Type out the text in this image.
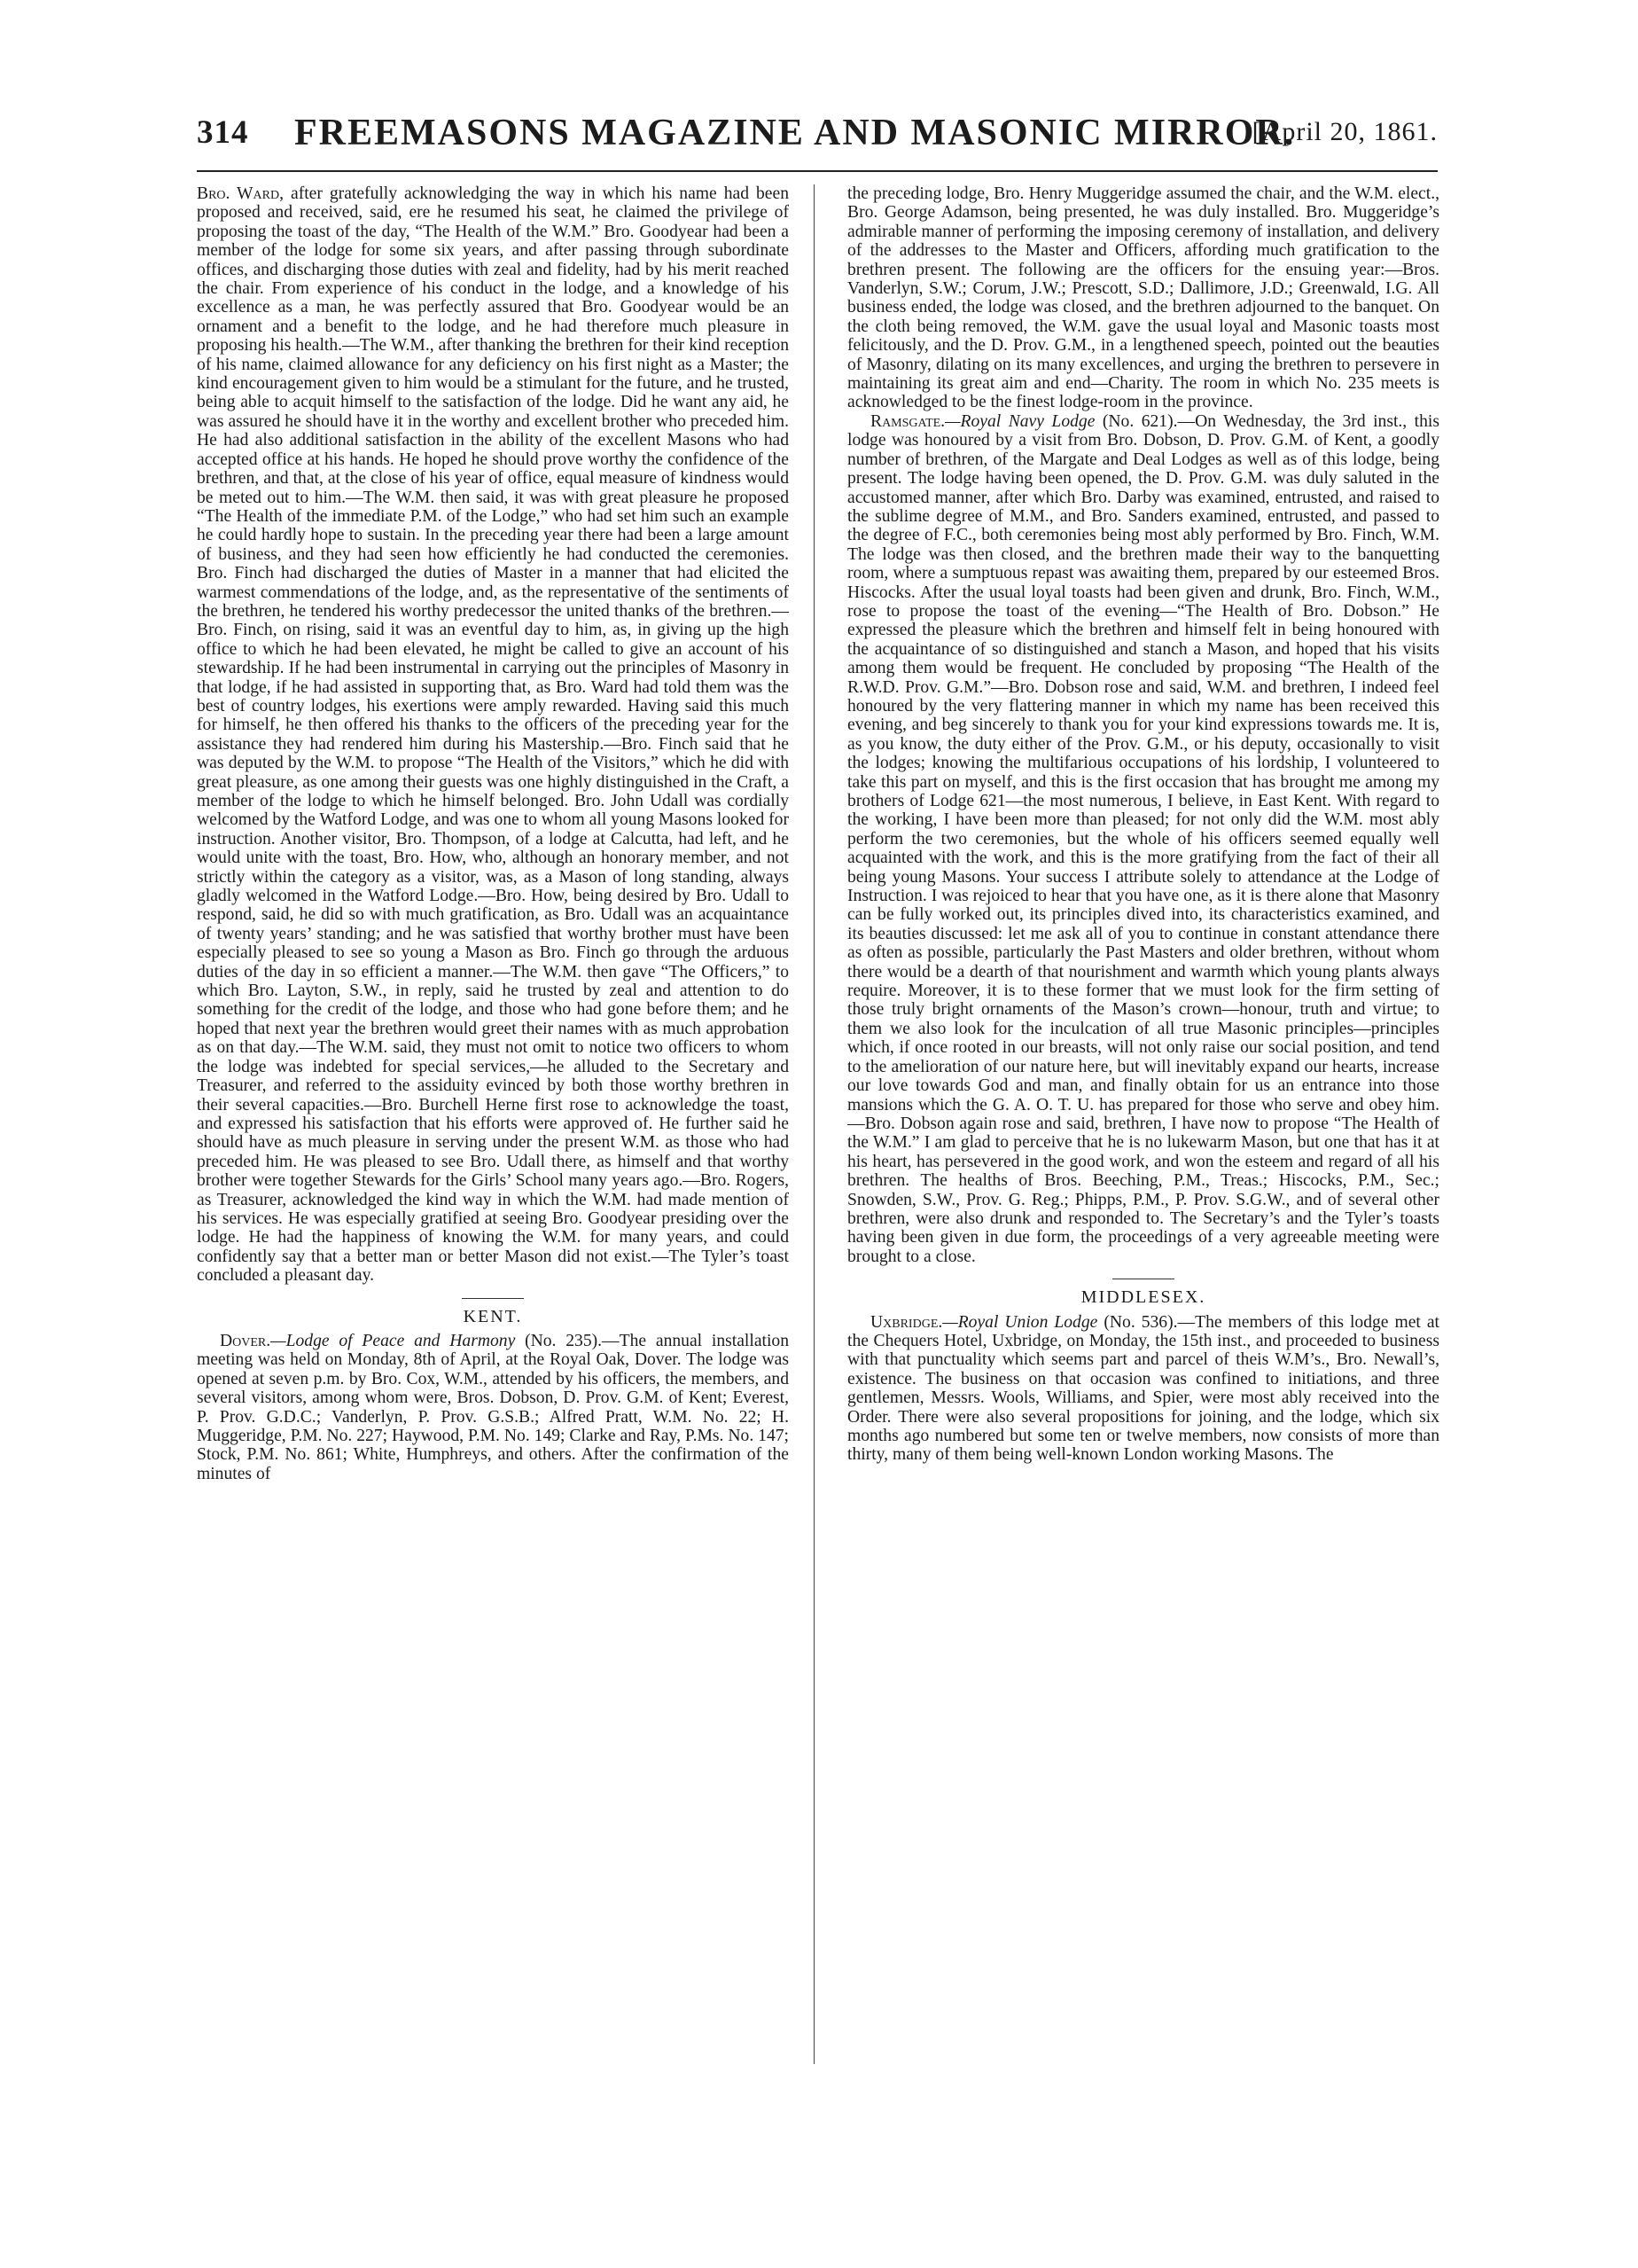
314 FREEMASONS MAGAZINE AND MASONIC MIRROR.
[April 20, 1861.

Bro. Ward, after gratefully acknowledging the way in which his name had been proposed and received, said, ere he resumed his seat, he claimed the privilege of proposing the toast of the day, “The Health of the W.M.” Bro. Goodyear had been a member of the lodge for some six years, and after passing through subordinate offices, and discharging those duties with zeal and fidelity, had by his merit reached the chair. From experience of his conduct in the lodge, and a knowledge of his excellence as a man, he was perfectly assured that Bro. Goodyear would be an ornament and a benefit to the lodge, and he had therefore much pleasure in proposing his health.—The W.M., after thanking the brethren for their kind reception of his name, claimed allowance for any deficiency on his first night as a Master; the kind encouragement given to him would be a stimulant for the future, and he trusted, being able to acquit himself to the satisfaction of the lodge. Did he want any aid, he was assured he should have it in the worthy and excellent brother who preceded him. He had also additional satisfaction in the ability of the excellent Masons who had accepted office at his hands. He hoped he should prove worthy the confidence of the brethren, and that, at the close of his year of office, equal measure of kindness would be meted out to him.—The W.M. then said, it was with great pleasure he proposed “The Health of the immediate P.M. of the Lodge,” who had set him such an example he could hardly hope to sustain. In the preceding year there had been a large amount of business, and they had seen how efficiently he had conducted the ceremonies. Bro. Finch had discharged the duties of Master in a manner that had elicited the warmest commendations of the lodge, and, as the representative of the sentiments of the brethren, he tendered his worthy predecessor the united thanks of the brethren.—Bro. Finch, on rising, said it was an eventful day to him, as, in giving up the high office to which he had been elevated, he might be called to give an account of his stewardship. If he had been instrumental in carrying out the principles of Masonry in that lodge, if he had assisted in supporting that, as Bro. Ward had told them was the best of country lodges, his exertions were amply rewarded. Having said this much for himself, he then offered his thanks to the officers of the preceding year for the assistance they had rendered him during his Mastership.—Bro. Finch said that he was deputed by the W.M. to propose “The Health of the Visitors,” which he did with great pleasure, as one among their guests was one highly distinguished in the Craft, a member of the lodge to which he himself belonged. Bro. John Udall was cordially welcomed by the Watford Lodge, and was one to whom all young Masons looked for instruction. Another visitor, Bro. Thompson, of a lodge at Calcutta, had left, and he would unite with the toast, Bro. How, who, although an honorary member, and not strictly within the category as a visitor, was, as a Mason of long standing, always gladly welcomed in the Watford Lodge.—Bro. How, being desired by Bro. Udall to respond, said, he did so with much gratification, as Bro. Udall was an acquaintance of twenty years’ standing; and he was satisfied that worthy brother must have been especially pleased to see so young a Mason as Bro. Finch go through the arduous duties of the day in so efficient a manner.—The W.M. then gave “The Officers,” to which Bro. Layton, S.W., in reply, said he trusted by zeal and attention to do something for the credit of the lodge, and those who had gone before them; and he hoped that next year the brethren would greet their names with as much approbation as on that day.—The W.M. said, they must not omit to notice two officers to whom the lodge was indebted for special services,—he alluded to the Secretary and Treasurer, and referred to the assiduity evinced by both those worthy brethren in their several capacities.—Bro. Burchell Herne first rose to acknowledge the toast, and expressed his satisfaction that his efforts were approved of. He further said he should have as much pleasure in serving under the present W.M. as those who had preceded him. He was pleased to see Bro. Udall there, as himself and that worthy brother were together Stewards for the Girls’ School many years ago.—Bro. Rogers, as Treasurer, acknowledged the kind way in which the W.M. had made mention of his services. He was especially gratified at seeing Bro. Goodyear presiding over the lodge. He had the happiness of knowing the W.M. for many years, and could confidently say that a better man or better Mason did not exist.—The Tyler’s toast concluded a pleasant day.

KENT.

Dover.—Lodge of Peace and Harmony (No. 235).—The annual installation meeting was held on Monday, 8th of April, at the Royal Oak, Dover. The lodge was opened at seven p.m. by Bro. Cox, W.M., attended by his officers, the members, and several visitors, among whom were, Bros. Dobson, D. Prov. G.M. of Kent; Everest, P. Prov. G.D.C.; Vanderlyn, P. Prov. G.S.B.; Alfred Pratt, W.M. No. 22; H. Muggeridge, P.M. No. 227; Haywood, P.M. No. 149; Clarke and Ray, P.Ms. No. 147; Stock, P.M. No. 861; White, Humphreys, and others. After the confirmation of the minutes of

the preceding lodge, Bro. Henry Muggeridge assumed the chair, and the W.M. elect., Bro. George Adamson, being presented, he was duly installed. Bro. Muggeridge’s admirable manner of performing the imposing ceremony of installation, and delivery of the addresses to the Master and Officers, affording much gratification to the brethren present. The following are the officers for the ensuing year:—Bros. Vanderlyn, S.W.; Corum, J.W.; Prescott, S.D.; Dallimore, J.D.; Greenwald, I.G. All business ended, the lodge was closed, and the brethren adjourned to the banquet. On the cloth being removed, the W.M. gave the usual loyal and Masonic toasts most felicitously, and the D. Prov. G.M., in a lengthened speech, pointed out the beauties of Masonry, dilating on its many excellences, and urging the brethren to persevere in maintaining its great aim and end—Charity. The room in which No. 235 meets is acknowledged to be the finest lodge-room in the province.

Ramsgate.—Royal Navy Lodge (No. 621).—On Wednesday, the 3rd inst., this lodge was honoured by a visit from Bro. Dobson, D. Prov. G.M. of Kent, a goodly number of brethren, of the Margate and Deal Lodges as well as of this lodge, being present. The lodge having been opened, the D. Prov. G.M. was duly saluted in the accustomed manner, after which Bro. Darby was examined, entrusted, and raised to the sublime degree of M.M., and Bro. Sanders examined, entrusted, and passed to the degree of F.C., both ceremonies being most ably performed by Bro. Finch, W.M. The lodge was then closed, and the brethren made their way to the banquetting room, where a sumptuous repast was awaiting them, prepared by our esteemed Bros. Hiscocks. After the usual loyal toasts had been given and drunk, Bro. Finch, W.M., rose to propose the toast of the evening—“The Health of Bro. Dobson.” He expressed the pleasure which the brethren and himself felt in being honoured with the acquaintance of so distinguished and stanch a Mason, and hoped that his visits among them would be frequent. He concluded by proposing “The Health of the R.W.D. Prov. G.M.”—Bro. Dobson rose and said, W.M. and brethren, I indeed feel honoured by the very flattering manner in which my name has been received this evening, and beg sincerely to thank you for your kind expressions towards me. It is, as you know, the duty either of the Prov. G.M., or his deputy, occasionally to visit the lodges; knowing the multifarious occupations of his lordship, I volunteered to take this part on myself, and this is the first occasion that has brought me among my brothers of Lodge 621—the most numerous, I believe, in East Kent. With regard to the working, I have been more than pleased; for not only did the W.M. most ably perform the two ceremonies, but the whole of his officers seemed equally well acquainted with the work, and this is the more gratifying from the fact of their all being young Masons. Your success I attribute solely to attendance at the Lodge of Instruction. I was rejoiced to hear that you have one, as it is there alone that Masonry can be fully worked out, its principles dived into, its characteristics examined, and its beauties discussed: let me ask all of you to continue in constant attendance there as often as possible, particularly the Past Masters and older brethren, without whom there would be a dearth of that nourishment and warmth which young plants always require. Moreover, it is to these former that we must look for the firm setting of those truly bright ornaments of the Mason’s crown—honour, truth and virtue; to them we also look for the inculcation of all true Masonic principles—principles which, if once rooted in our breasts, will not only raise our social position, and tend to the amelioration of our nature here, but will inevitably expand our hearts, increase our love towards God and man, and finally obtain for us an entrance into those mansions which the G. A. O. T. U. has prepared for those who serve and obey him.—Bro. Dobson again rose and said, brethren, I have now to propose “The Health of the W.M.” I am glad to perceive that he is no lukewarm Mason, but one that has it at his heart, has persevered in the good work, and won the esteem and regard of all his brethren. The healths of Bros. Beeching, P.M., Treas.; Hiscocks, P.M., Sec.; Snowden, S.W., Prov. G. Reg.; Phipps, P.M., P. Prov. S.G.W., and of several other brethren, were also drunk and responded to. The Secretary’s and the Tyler’s toasts having been given in due form, the proceedings of a very agreeable meeting were brought to a close.

MIDDLESEX.

Uxbridge.—Royal Union Lodge (No. 536).—The members of this lodge met at the Chequers Hotel, Uxbridge, on Monday, the 15th inst., and proceeded to business with that punctuality which seems part and parcel of theis W.M’s., Bro. Newall’s, existence. The business on that occasion was confined to initiations, and three gentlemen, Messrs. Wools, Williams, and Spier, were most ably received into the Order. There were also several propositions for joining, and the lodge, which six months ago numbered but some ten or twelve members, now consists of more than thirty, many of them being well-known London working Masons. The
